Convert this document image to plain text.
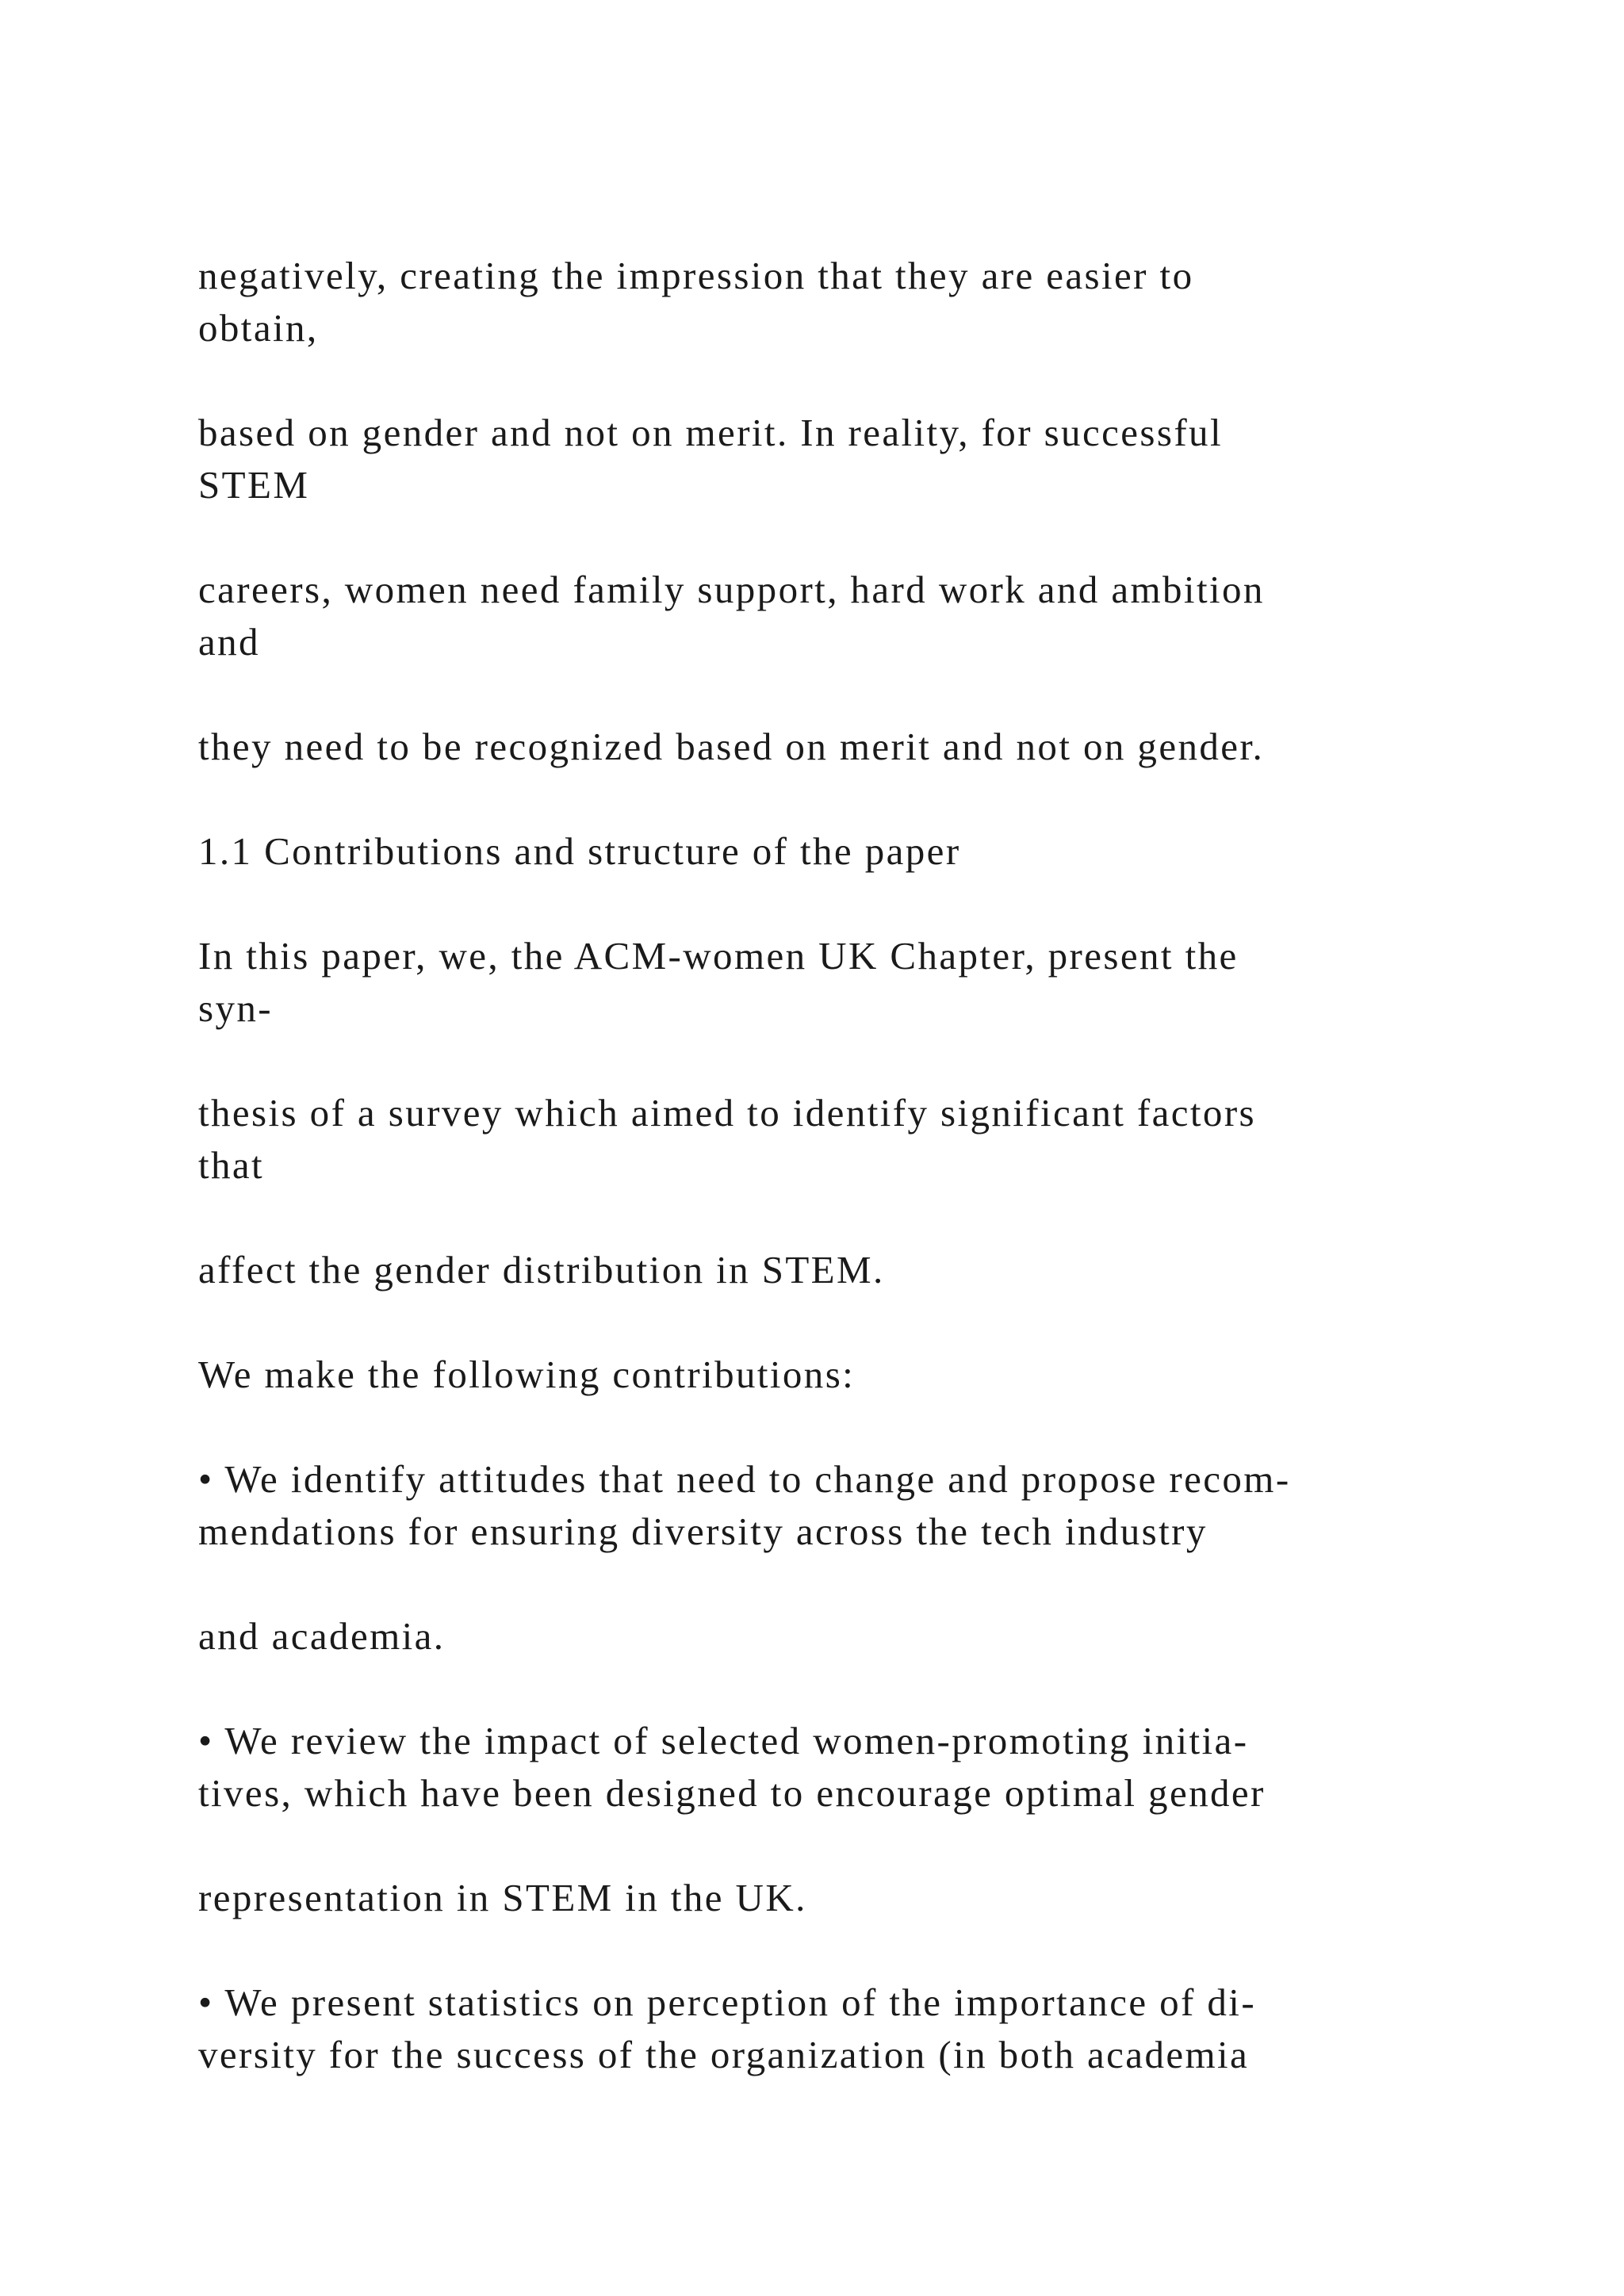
negatively, creating the impression that they are easier to

obtain,

based on gender and not on merit. In reality, for successful

STEM

careers, women need family support, hard work and ambition

and

they need to be recognized based on merit and not on gender.

1.1 Contributions and structure of the paper

In this paper, we, the ACM-women UK Chapter, present the

syn-

thesis of a survey which aimed to identify significant factors

that

affect the gender distribution in STEM.

We make the following contributions:

• We identify attitudes that need to change and propose recom-

mendations for ensuring diversity across the tech industry

and academia.

• We review the impact of selected women-promoting initia-

tives, which have been designed to encourage optimal gender

representation in STEM in the UK.

• We present statistics on perception of the importance of di-

versity for the success of the organization (in both academia
